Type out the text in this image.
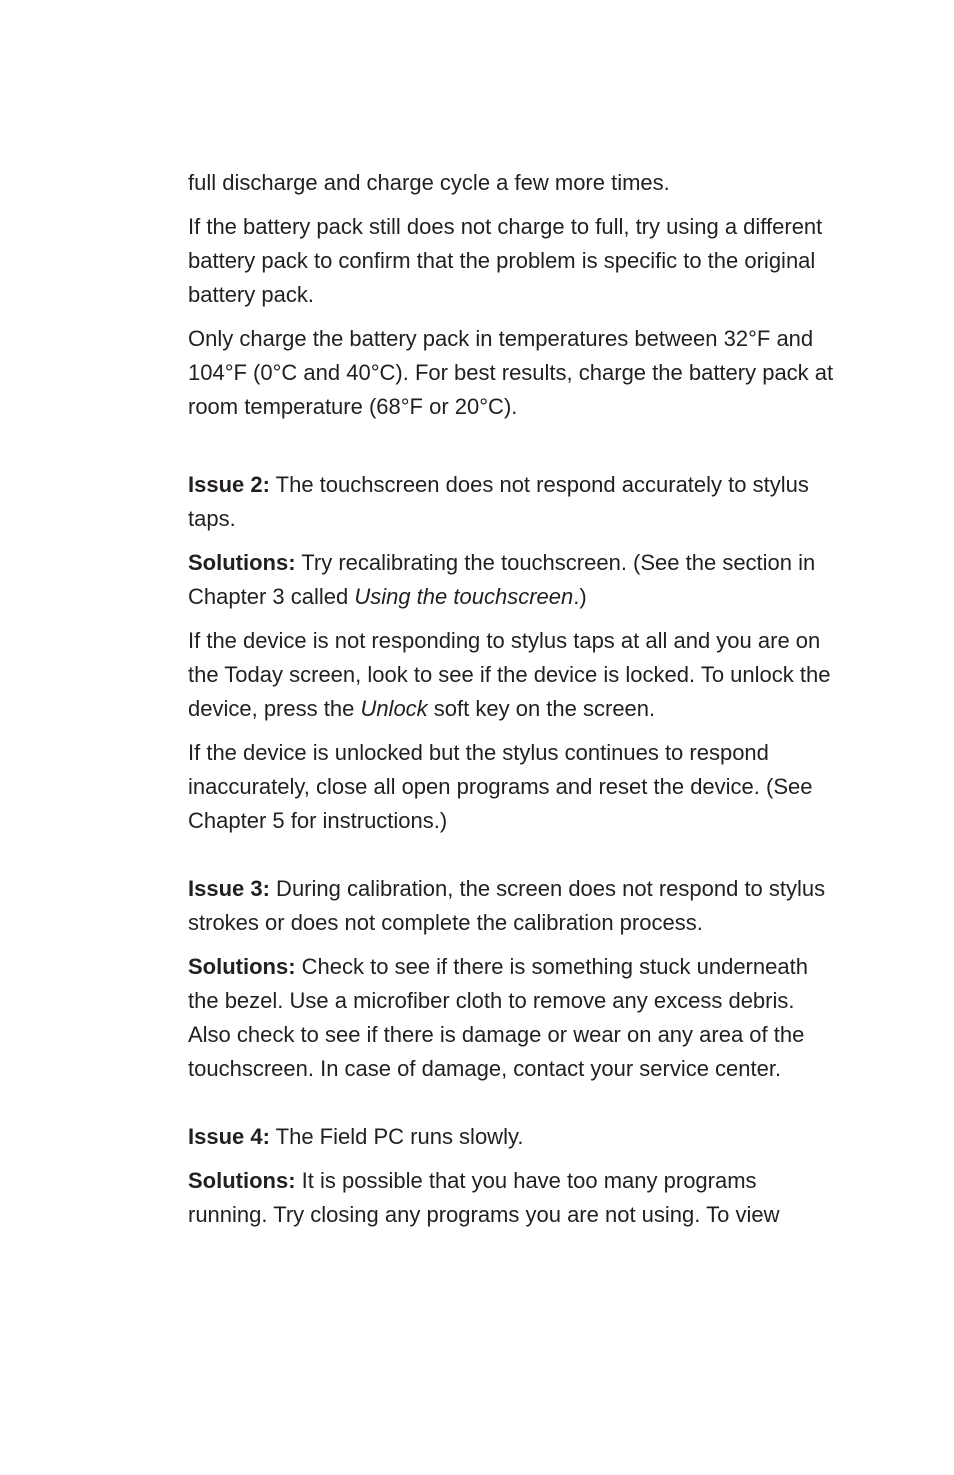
full discharge and charge cycle a few more times.

If the battery pack still does not charge to full, try using a different battery pack to confirm that the problem is specific to the original battery pack.

Only charge the battery pack in temperatures between 32°F and 104°F (0°C and 40°C). For best results, charge the battery pack at room temperature (68°F or 20°C).

Issue 2: The touchscreen does not respond accurately to stylus taps.

Solutions: Try recalibrating the touchscreen. (See the section in Chapter 3 called Using the touchscreen.)

If the device is not responding to stylus taps at all and you are on the Today screen, look to see if the device is locked. To unlock the device, press the Unlock soft key on the screen.

If the device is unlocked but the stylus continues to respond inaccurately, close all open programs and reset the device. (See Chapter 5 for instructions.)

Issue 3: During calibration, the screen does not respond to stylus strokes or does not complete the calibration process.

Solutions: Check to see if there is something stuck underneath the bezel. Use a microfiber cloth to remove any excess debris. Also check to see if there is damage or wear on any area of the touchscreen. In case of damage, contact your service center.

Issue 4: The Field PC runs slowly.

Solutions: It is possible that you have too many programs running. Try closing any programs you are not using. To view
